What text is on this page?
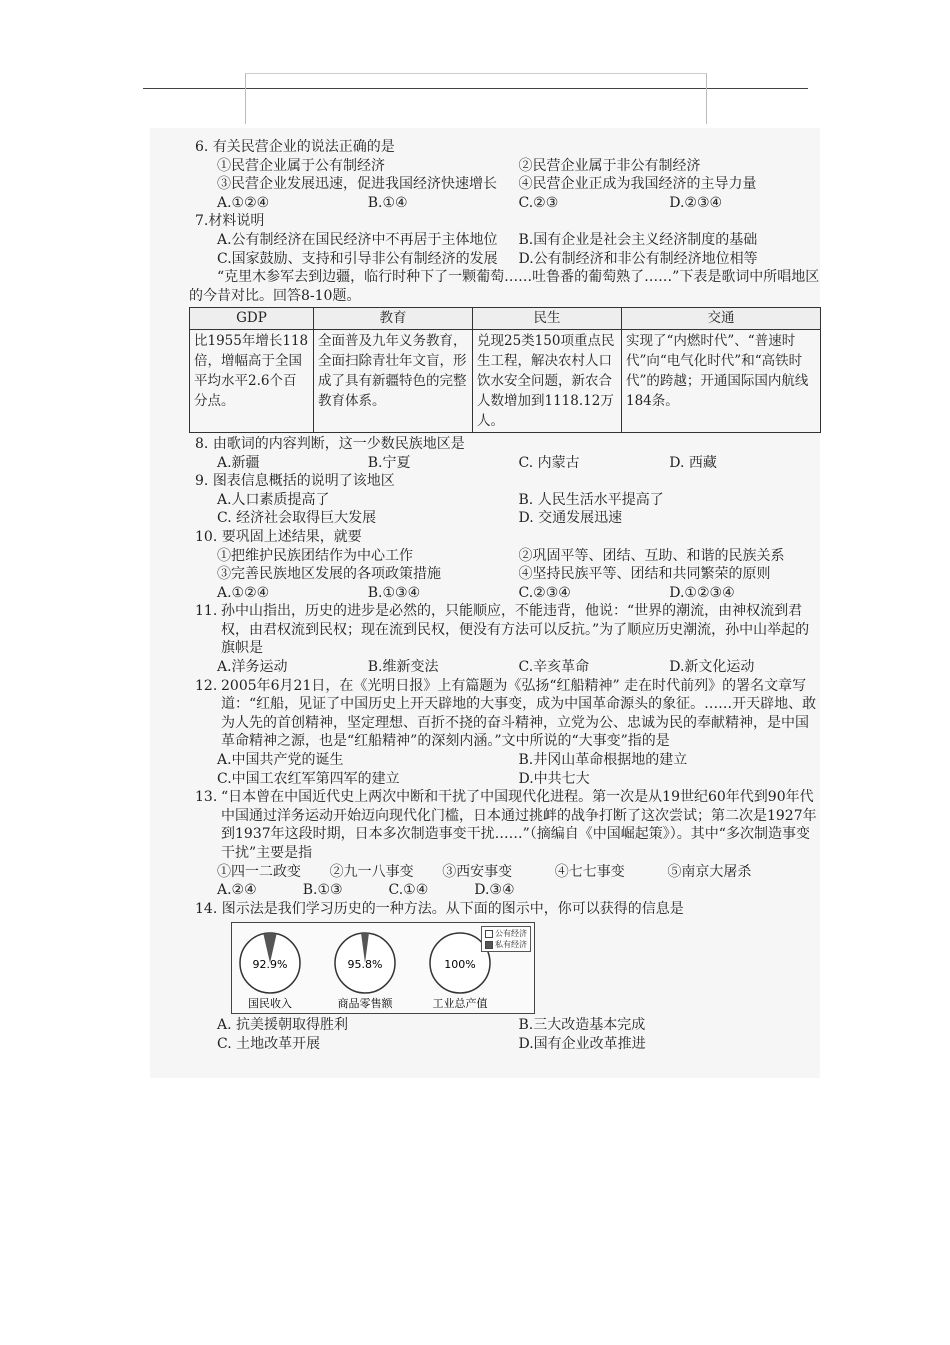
6. 有关民营企业的说法正确的是
①民营企业属于公有制经济	②民营企业属于非公有制经济
③民营企业发展迅速，促进我国经济快速增长	④民营企业正成为我国经济的主导力量
A.①②④	B.①④	C.②③	D.②③④
7.材料说明
A.公有制经济在国民经济中不再居于主体地位	B.国有企业是社会主义经济制度的基础
C.国家鼓励、支持和引导非公有制经济的发展	D.公有制经济和非公有制经济地位相等
“克里木参军去到边疆，临行时种下了一颗葡萄……吐鲁番的葡萄熟了……”下表是歌词中所唱地区的今昔对比。回答8-10题。
GDP	教育	民生	交通
比1955年增长118倍，增幅高于全国平均水平2.6个百分点。	全面普及九年义务教育，全面扫除青壮年文盲，形成了具有新疆特色的完整教育体系。	兑现25类150项重点民生工程，解决农村人口饮水安全问题，新农合人数增加到1118.12万人。	实现了“内燃时代”、“普速时代”向“电气化时代”和“高铁时代”的跨越；开通国际国内航线184条。
8. 由歌词的内容判断，这一少数民族地区是
A.新疆	B.宁夏	C. 内蒙古	D. 西藏
9. 图表信息概括的说明了该地区
A.人口素质提高了	B. 人民生活水平提高了
C. 经济社会取得巨大发展	D. 交通发展迅速
10. 要巩固上述结果，就要
①把维护民族团结作为中心工作	②巩固平等、团结、互助、和谐的民族关系
③完善民族地区发展的各项政策措施	④坚持民族平等、团结和共同繁荣的原则
A.①②④	B.①③④	C.②③④	D.①②③④
11. 孙中山指出，历史的进步是必然的，只能顺应，不能违背，他说：“世界的潮流，由神权流到君权，由君权流到民权；现在流到民权，便没有方法可以反抗。”为了顺应历史潮流，孙中山举起的旗帜是
A.洋务运动	B.维新变法	C.辛亥革命	D.新文化运动
12. 2005年6月21日，在《光明日报》上有篇题为《弘扬“红船精神” 走在时代前列》的署名文章写道：“红船，见证了中国历史上开天辟地的大事变，成为中国革命源头的象征。……开天辟地、敢为人先的首创精神，坚定理想、百折不挠的奋斗精神，立党为公、忠诚为民的奉献精神，是中国革命精神之源，也是“红船精神”的深刻内涵。”文中所说的“大事变”指的是
A.中国共产党的诞生	B.井冈山革命根据地的建立
C.中国工农红军第四军的建立	D.中共七大
13. “日本曾在中国近代史上两次中断和干扰了中国现代化进程。第一次是从19世纪60年代到90年代中国通过洋务运动开始迈向现代化门槛，日本通过挑衅的战争打断了这次尝试；第二次是1927年到1937年这段时期，日本多次制造事变干扰……”（摘编自《中国崛起策》）。其中“多次制造事变干扰”主要是指
①四一二政变	②九一八事变	③西安事变	④七七事变	⑤南京大屠杀
A.②④	B.①③	C.①④	D.③④
14. 图示法是我们学习历史的一种方法。从下面的图示中，你可以获得的信息是
92.9%
国民收入
95.8%
商品零售额
100%
工业总产值
公有经济
私有经济
A. 抗美援朝取得胜利	B.三大改造基本完成
C. 土地改革开展	D.国有企业改革推进
